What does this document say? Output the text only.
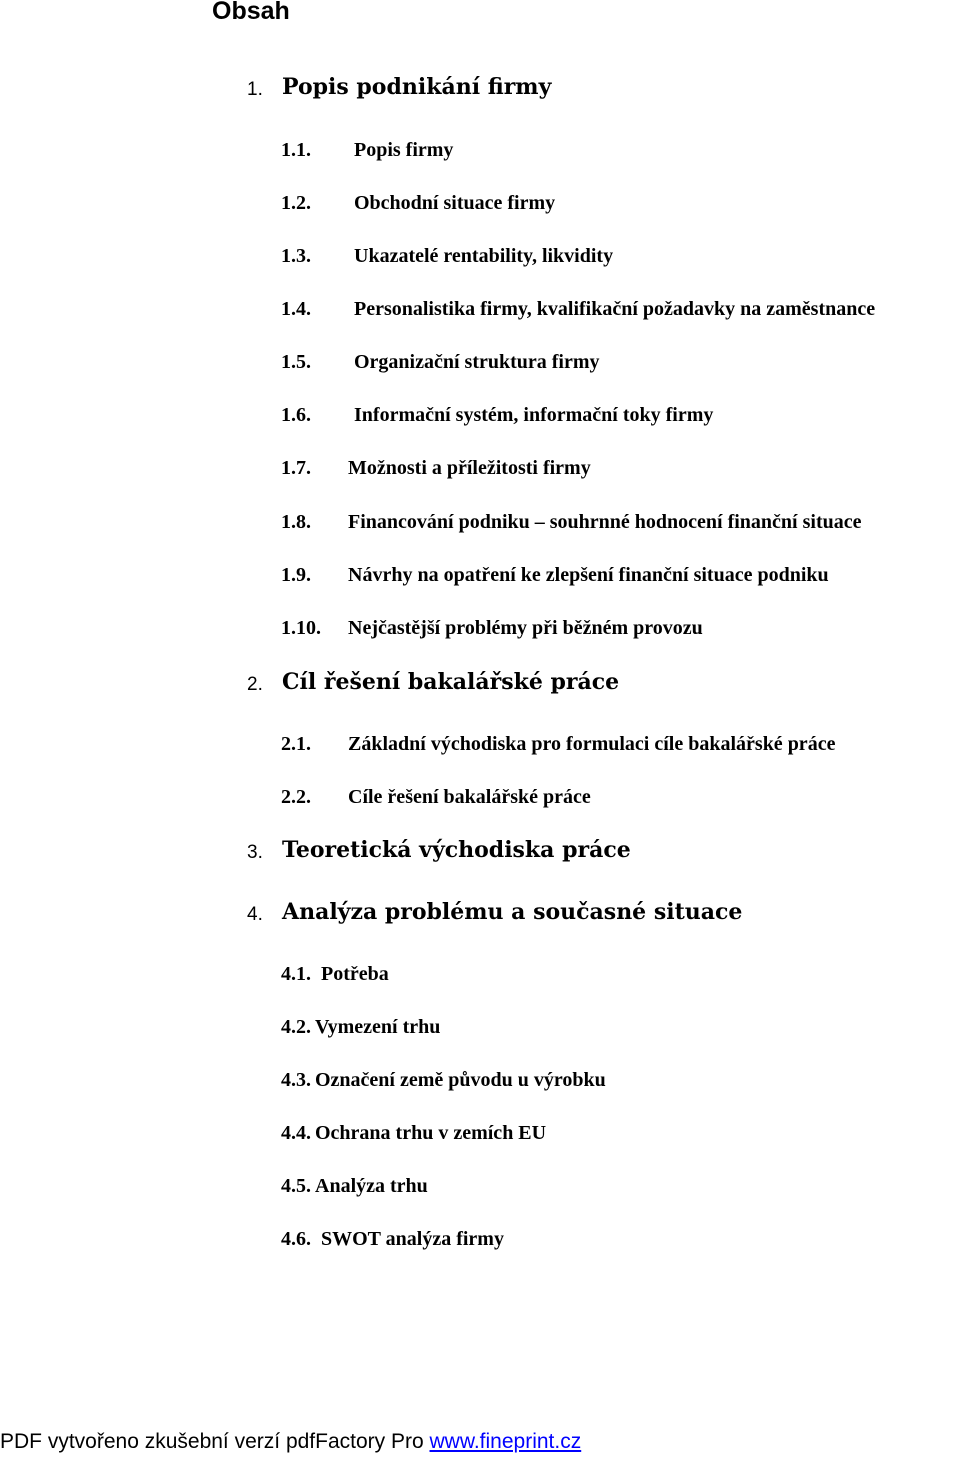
Obsah
1. Popis podnikání firmy
1.1. Popis firmy
1.2. Obchodní situace firmy
1.3. Ukazatelé rentability, likvidity
1.4. Personalistika firmy, kvalifikační požadavky na zaměstnance
1.5. Organizační struktura firmy
1.6. Informační systém, informační toky firmy
1.7. Možnosti a příležitosti firmy
1.8. Financování podniku – souhrnné hodnocení finanční situace
1.9. Návrhy na opatření ke zlepšení finanční situace podniku
1.10. Nejčastější problémy při běžném provozu
2. Cíl řešení bakalářské práce
2.1. Základní východiska pro formulaci cíle bakalářské práce
2.2. Cíle řešení bakalářské práce
3. Teoretická východiska práce
4. Analýza problému a současné situace
4.1. Potřeba
4.2. Vymezení trhu
4.3. Označení země původu u výrobku
4.4. Ochrana trhu v zemích EU
4.5. Analýza trhu
4.6. SWOT analýza firmy
PDF vytvořeno zkušební verzí pdfFactory Pro www.fineprint.cz
